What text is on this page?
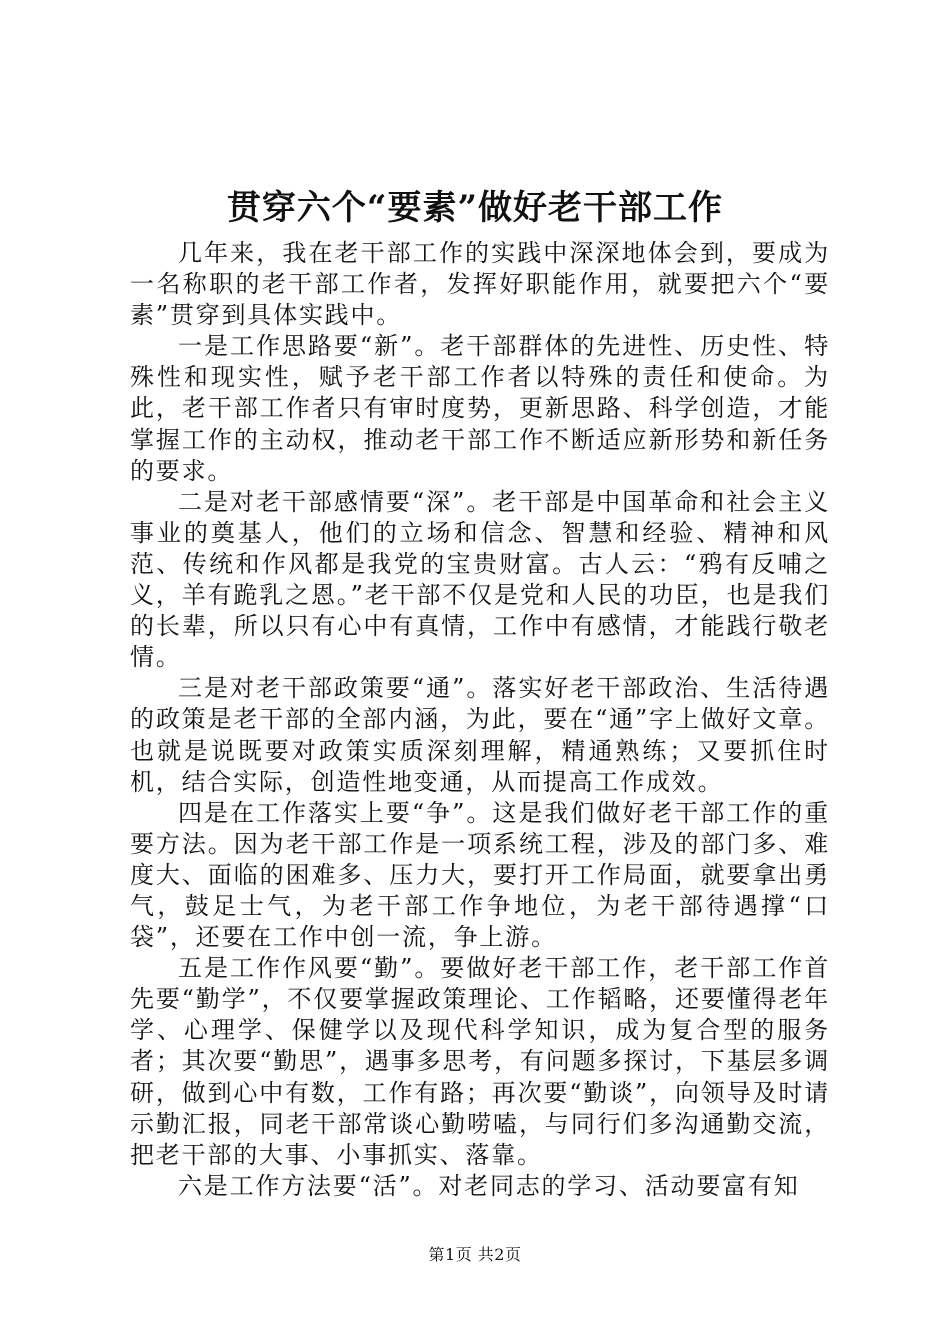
贯穿六个“要素”做好老干部工作

几年来，我在老干部工作的实践中深深地体会到，要成为一名称职的老干部工作者，发挥好职能作用，就要把六个“要素”贯穿到具体实践中。

一是工作思路要“新”。老干部群体的先进性、历史性、特殊性和现实性，赋予老干部工作者以特殊的责任和使命。为此，老干部工作者只有审时度势，更新思路、科学创造，才能掌握工作的主动权，推动老干部工作不断适应新形势和新任务的要求。

二是对老干部感情要“深”。老干部是中国革命和社会主义事业的奠基人，他们的立场和信念、智慧和经验、精神和风范、传统和作风都是我党的宝贵财富。古人云：“鸦有反哺之义，羊有跪乳之恩。”老干部不仅是党和人民的功臣，也是我们的长辈，所以只有心中有真情，工作中有感情，才能践行敬老情。

三是对老干部政策要“通”。落实好老干部政治、生活待遇的政策是老干部的全部内涵，为此，要在“通”字上做好文章。也就是说既要对政策实质深刻理解，精通熟练；又要抓住时机，结合实际，创造性地变通，从而提高工作成效。

四是在工作落实上要“争”。这是我们做好老干部工作的重要方法。因为老干部工作是一项系统工程，涉及的部门多、难度大、面临的困难多、压力大，要打开工作局面，就要拿出勇气，鼓足士气，为老干部工作争地位，为老干部待遇撑“口袋”，还要在工作中创一流，争上游。

五是工作作风要“勤”。要做好老干部工作，老干部工作首先要“勤学”，不仅要掌握政策理论、工作韬略，还要懂得老年学、心理学、保健学以及现代科学知识，成为复合型的服务者；其次要“勤思”，遇事多思考，有问题多探讨，下基层多调研，做到心中有数，工作有路；再次要“勤谈”，向领导及时请示勤汇报，同老干部常谈心勤唠嗑，与同行们多沟通勤交流，把老干部的大事、小事抓实、落靠。

六是工作方法要“活”。对老同志的学习、活动要富有知

第1页 共2页
